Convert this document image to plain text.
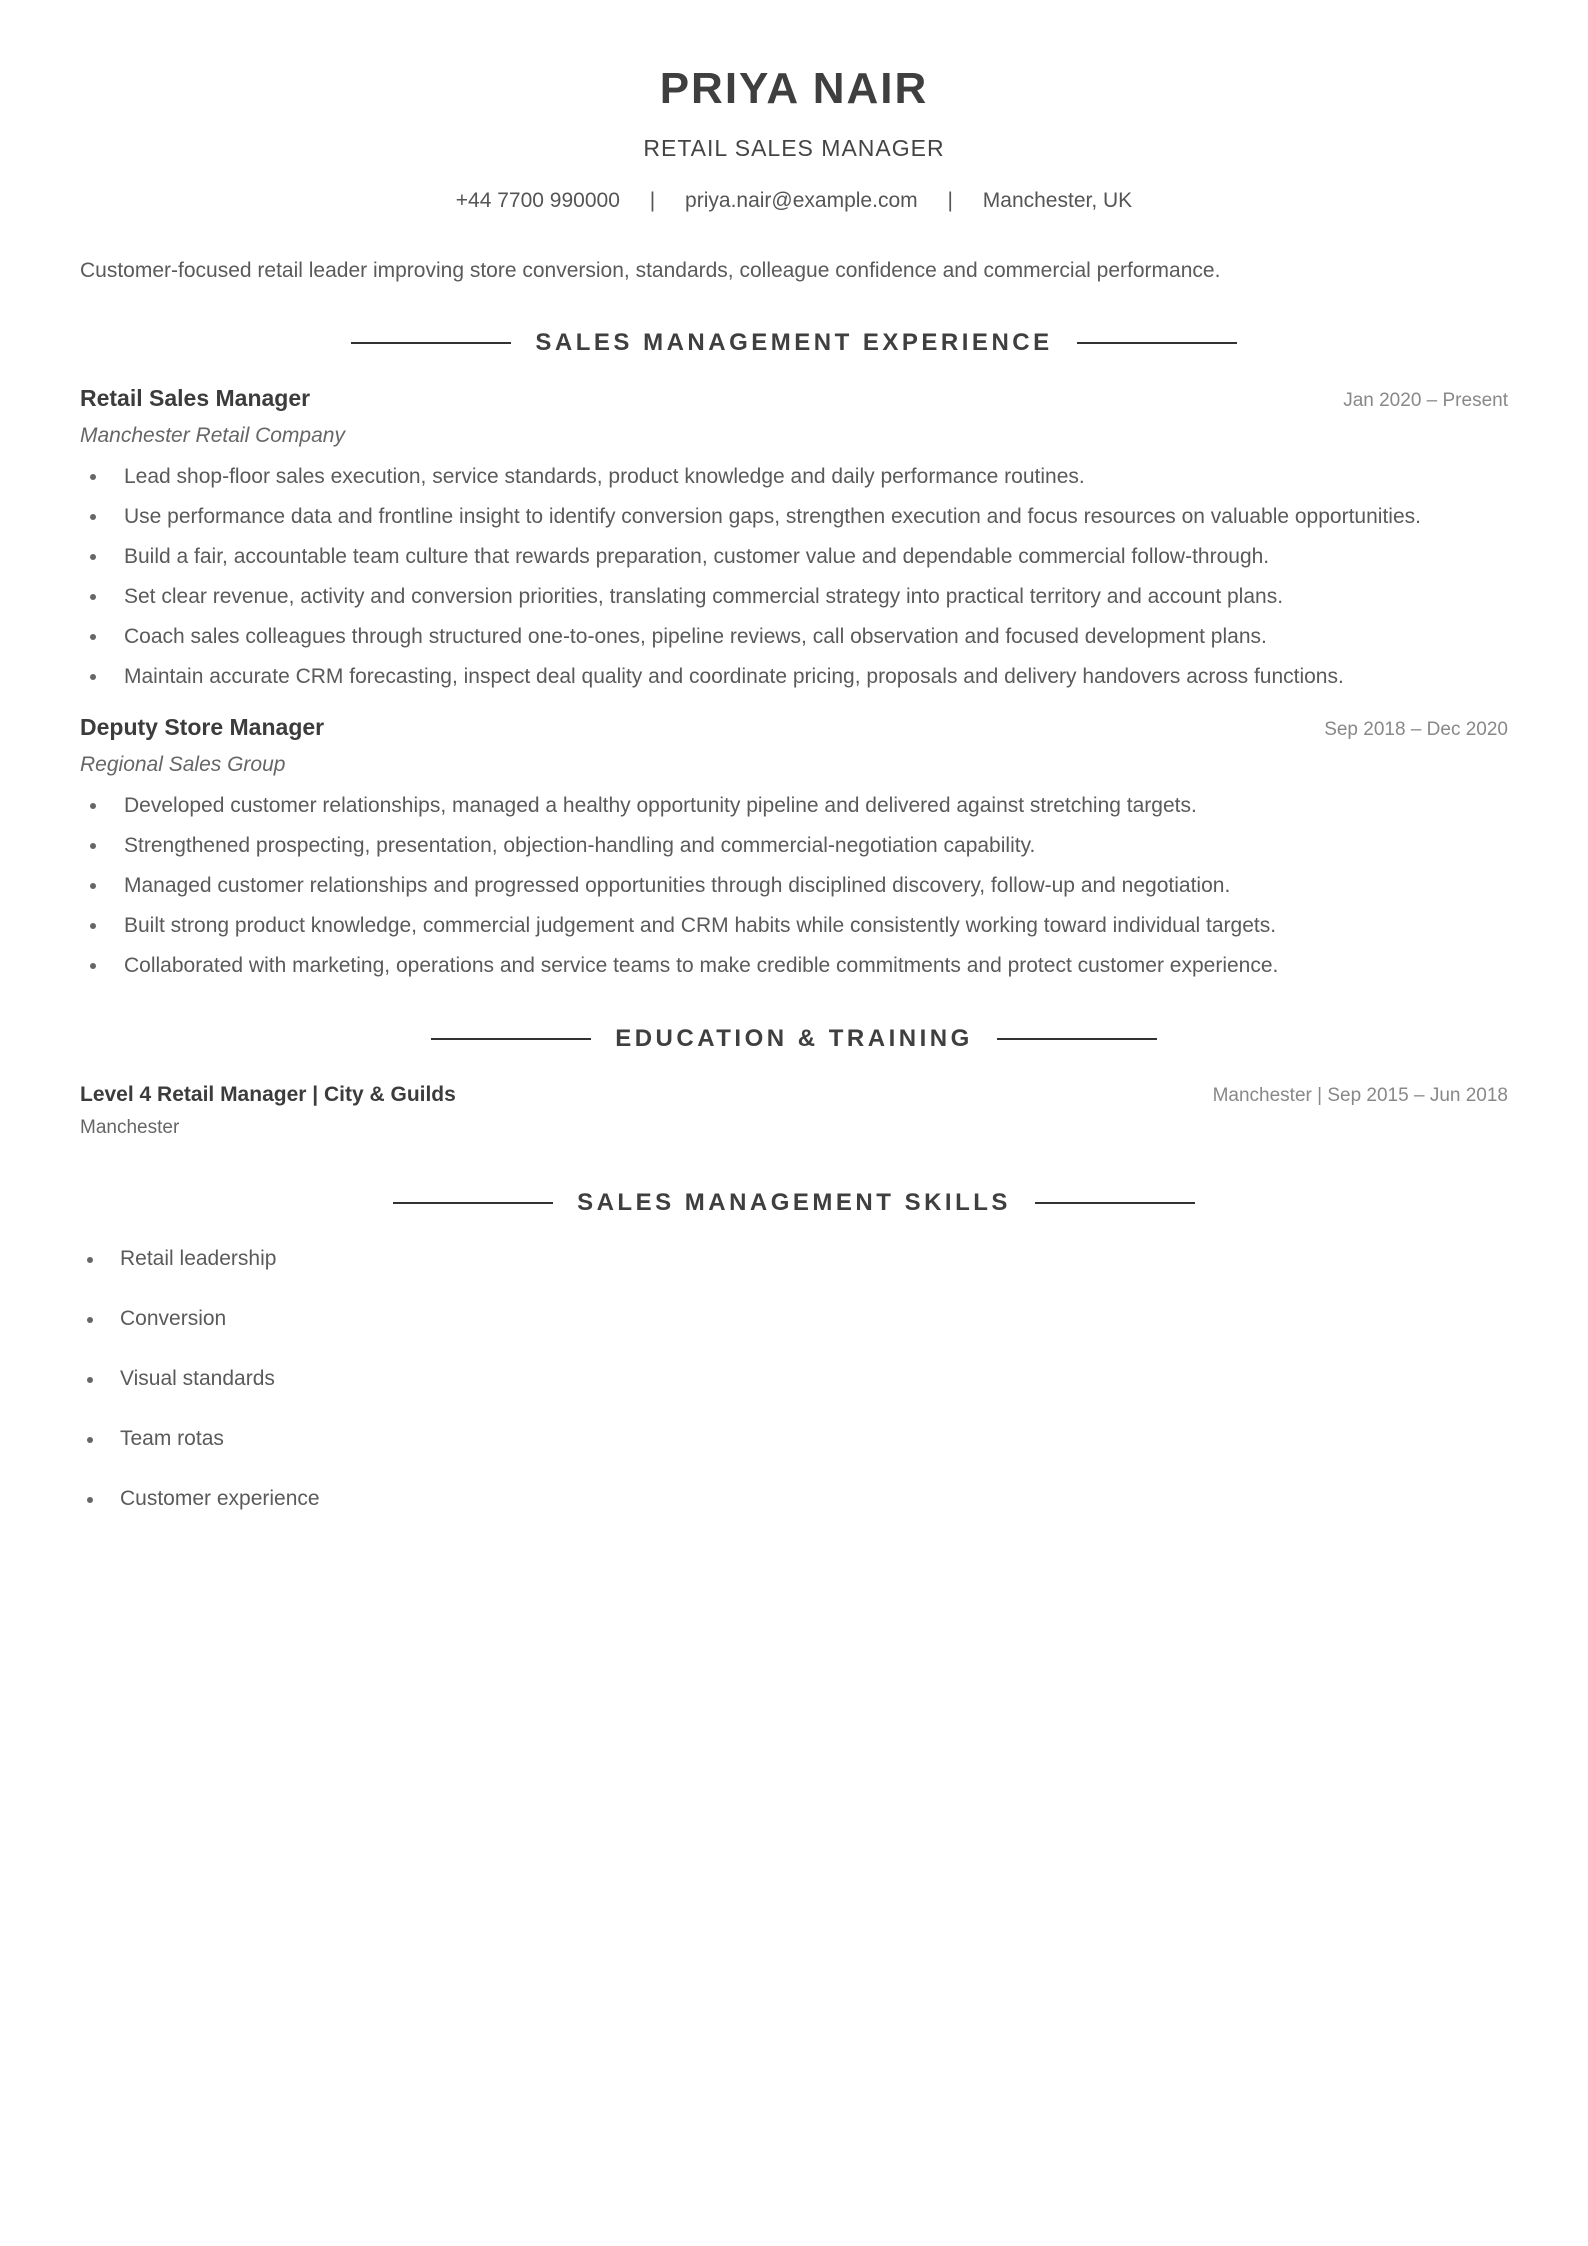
PRIYA NAIR
RETAIL SALES MANAGER
+44 7700 990000 | priya.nair@example.com | Manchester, UK
Customer-focused retail leader improving store conversion, standards, colleague confidence and commercial performance.
SALES MANAGEMENT EXPERIENCE
Retail Sales Manager	Jan 2020 – Present
Manchester Retail Company
Lead shop-floor sales execution, service standards, product knowledge and daily performance routines.
Use performance data and frontline insight to identify conversion gaps, strengthen execution and focus resources on valuable opportunities.
Build a fair, accountable team culture that rewards preparation, customer value and dependable commercial follow-through.
Set clear revenue, activity and conversion priorities, translating commercial strategy into practical territory and account plans.
Coach sales colleagues through structured one-to-ones, pipeline reviews, call observation and focused development plans.
Maintain accurate CRM forecasting, inspect deal quality and coordinate pricing, proposals and delivery handovers across functions.
Deputy Store Manager	Sep 2018 – Dec 2020
Regional Sales Group
Developed customer relationships, managed a healthy opportunity pipeline and delivered against stretching targets.
Strengthened prospecting, presentation, objection-handling and commercial-negotiation capability.
Managed customer relationships and progressed opportunities through disciplined discovery, follow-up and negotiation.
Built strong product knowledge, commercial judgement and CRM habits while consistently working toward individual targets.
Collaborated with marketing, operations and service teams to make credible commitments and protect customer experience.
EDUCATION & TRAINING
Level 4 Retail Manager | City & Guilds	Manchester | Sep 2015 – Jun 2018
Manchester
SALES MANAGEMENT SKILLS
Retail leadership
Conversion
Visual standards
Team rotas
Customer experience
